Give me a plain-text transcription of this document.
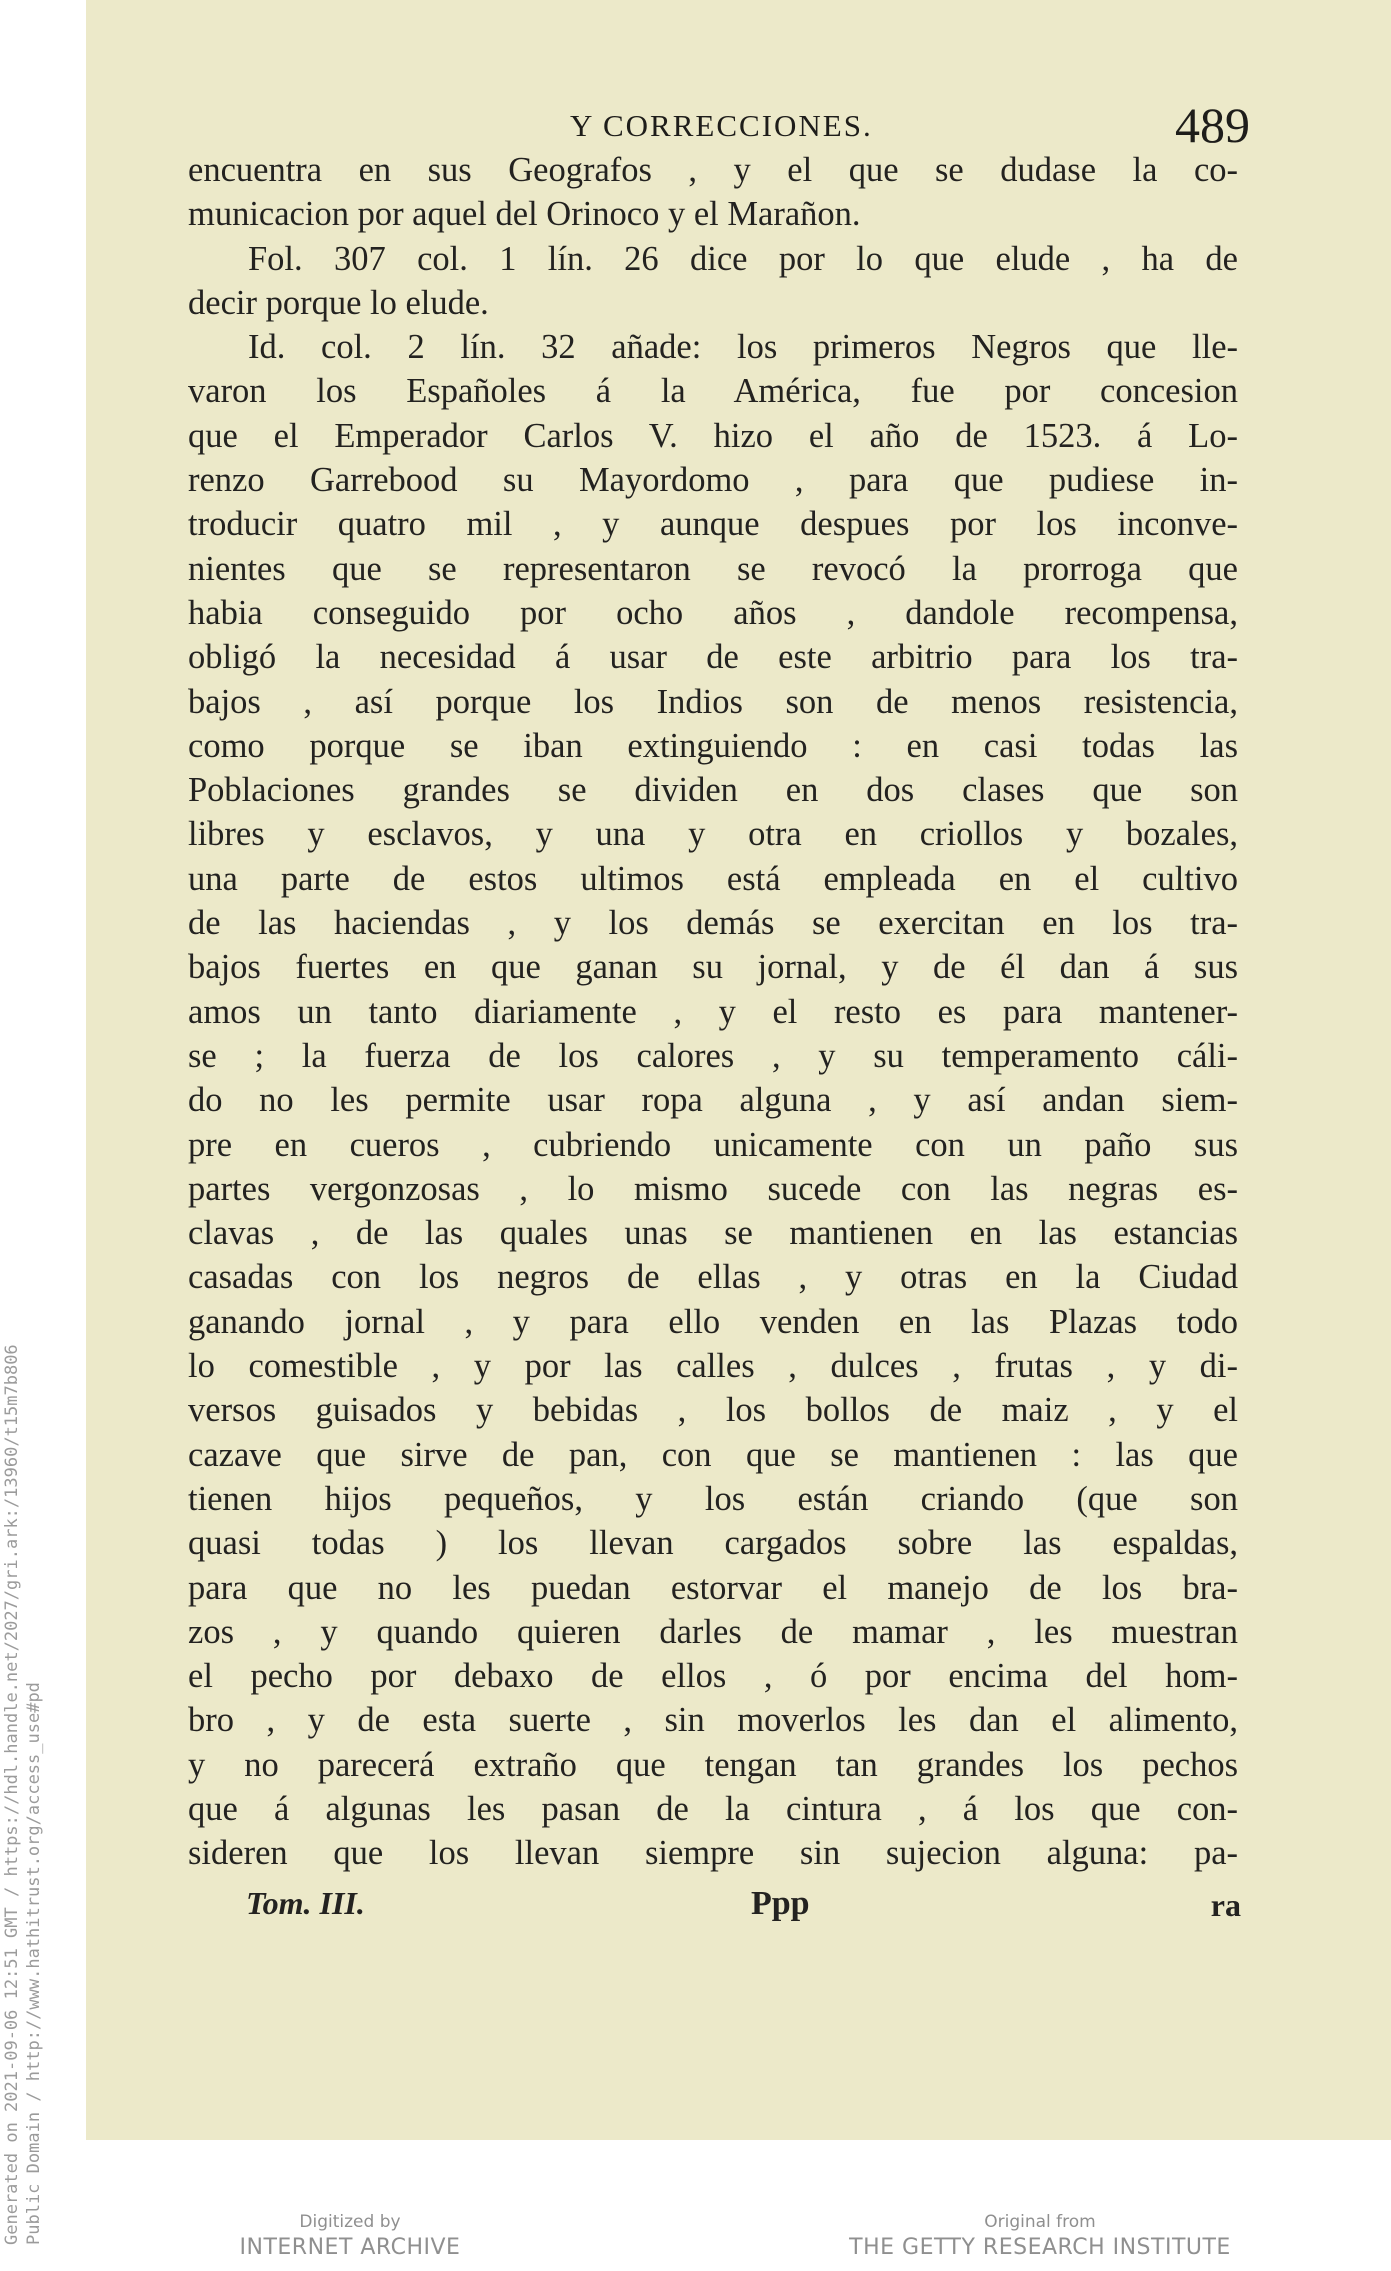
Generated on 2021-09-06 12:51 GMT / https://hdl.handle.net/2027/gri.ark:/13960/t15m7b806 Public Domain / http://www.hathitrust.org/access_use#pd
Y CORRECCIONES.	489
encuentra en sus Geografos , y el que se dudase la co-
municacion por aquel del Orinoco y el Marañon.
Fol. 307 col. 1 lín. 26 dice por lo que elude , ha de
decir porque lo elude.
Id. col. 2 lín. 32 añade: los primeros Negros que lle-
varon los Españoles á la América, fue por concesion
que el Emperador Carlos V. hizo el año de 1523. á Lo-
renzo Garrebood su Mayordomo , para que pudiese in-
troducir quatro mil , y aunque despues por los inconve-
nientes que se representaron se revocó la prorroga que
habia conseguido por ocho años , dandole recompensa,
obligó la necesidad á usar de este arbitrio para los tra-
bajos , así porque los Indios son de menos resistencia,
como porque se iban extinguiendo : en casi todas las
Poblaciones grandes se dividen en dos clases que son
libres y esclavos, y una y otra en criollos y bozales,
una parte de estos ultimos está empleada en el cultivo
de las haciendas , y los demás se exercitan en los tra-
bajos fuertes en que ganan su jornal, y de él dan á sus
amos un tanto diariamente , y el resto es para mantener-
se ; la fuerza de los calores , y su temperamento cáli-
do no les permite usar ropa alguna , y así andan siem-
pre en cueros , cubriendo unicamente con un paño sus
partes vergonzosas , lo mismo sucede con las negras es-
clavas , de las quales unas se mantienen en las estancias
casadas con los negros de ellas , y otras en la Ciudad
ganando jornal , y para ello venden en las Plazas todo
lo comestible , y por las calles , dulces , frutas , y di-
versos guisados y bebidas , los bollos de maiz , y el
cazave que sirve de pan, con que se mantienen : las que
tienen hijos pequeños, y los están criando (que son
quasi todas ) los llevan cargados sobre las espaldas,
para que no les puedan estorvar el manejo de los bra-
zos , y quando quieren darles de mamar , les muestran
el pecho por debaxo de ellos , ó por encima del hom-
bro , y de esta suerte , sin moverlos les dan el alimento,
y no parecerá extraño que tengan tan grandes los pechos
que á algunas les pasan de la cintura , á los que con-
sideren que los llevan siempre sin sujecion alguna: pa-
Tom. III.	Ppp	ra
Digitized by
INTERNET ARCHIVE
Original from
THE GETTY RESEARCH INSTITUTE
